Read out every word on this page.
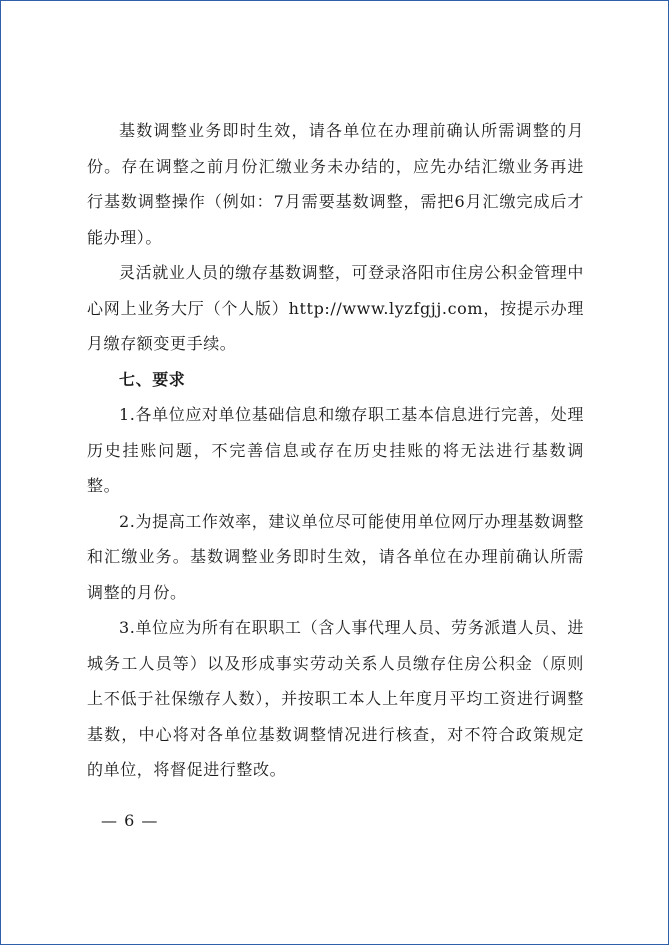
基数调整业务即时生效，请各单位在办理前确认所需调整的月份。存在调整之前月份汇缴业务未办结的，应先办结汇缴业务再进行基数调整操作（例如：7月需要基数调整，需把6月汇缴完成后才能办理）。

灵活就业人员的缴存基数调整，可登录洛阳市住房公积金管理中心网上业务大厅（个人版）http://www.lyzfgjj.com，按提示办理月缴存额变更手续。

七、要求

1.各单位应对单位基础信息和缴存职工基本信息进行完善，处理历史挂账问题，不完善信息或存在历史挂账的将无法进行基数调整。

2.为提高工作效率，建议单位尽可能使用单位网厅办理基数调整和汇缴业务。基数调整业务即时生效，请各单位在办理前确认所需调整的月份。

3.单位应为所有在职职工（含人事代理人员、劳务派遣人员、进城务工人员等）以及形成事实劳动关系人员缴存住房公积金（原则上不低于社保缴存人数），并按职工本人上年度月平均工资进行调整基数，中心将对各单位基数调整情况进行核查，对不符合政策规定的单位，将督促进行整改。

— 6 —
